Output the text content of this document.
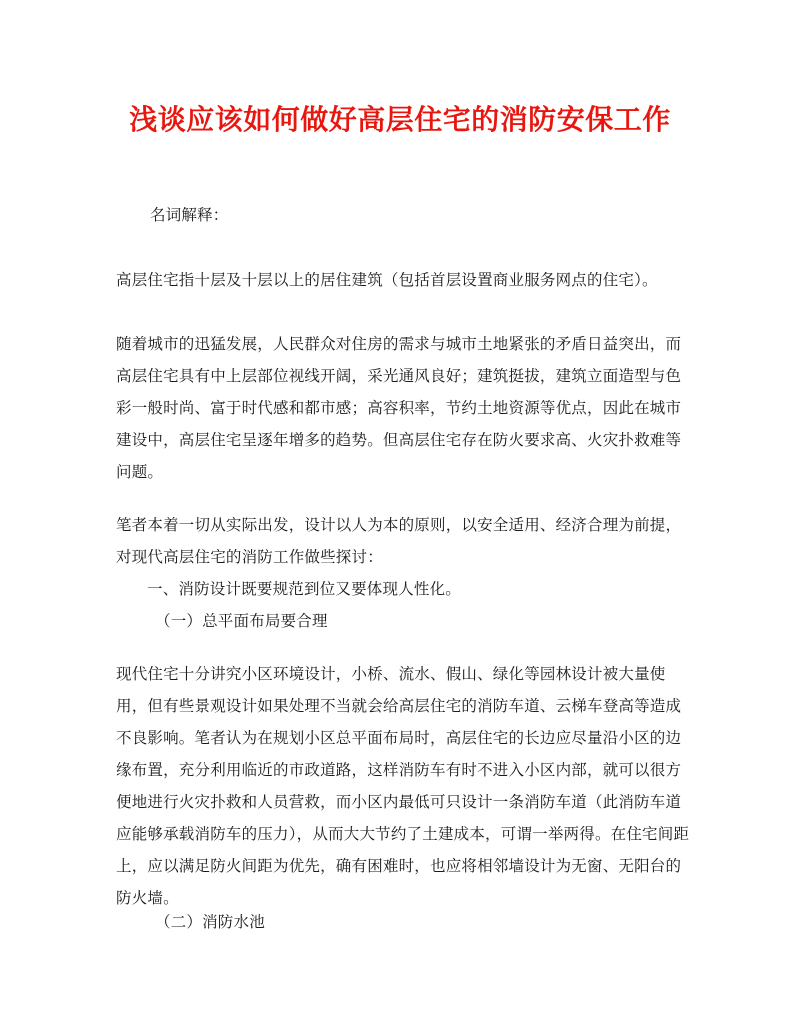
浅谈应该如何做好高层住宅的消防安保工作
名词解释：
高层住宅指十层及十层以上的居住建筑（包括首层设置商业服务网点的住宅）。
随着城市的迅猛发展，人民群众对住房的需求与城市土地紧张的矛盾日益突出，而高层住宅具有中上层部位视线开阔，采光通风良好；建筑挺拔，建筑立面造型与色彩一般时尚、富于时代感和都市感；高容积率，节约土地资源等优点，因此在城市建设中，高层住宅呈逐年增多的趋势。但高层住宅存在防火要求高、火灾扑救难等问题。
笔者本着一切从实际出发，设计以人为本的原则，以安全适用、经济合理为前提，对现代高层住宅的消防工作做些探讨：
一、消防设计既要规范到位又要体现人性化。
（一）总平面布局要合理
现代住宅十分讲究小区环境设计，小桥、流水、假山、绿化等园林设计被大量使用，但有些景观设计如果处理不当就会给高层住宅的消防车道、云梯车登高等造成不良影响。笔者认为在规划小区总平面布局时，高层住宅的长边应尽量沿小区的边缘布置，充分利用临近的市政道路，这样消防车有时不进入小区内部，就可以很方便地进行火灾扑救和人员营救，而小区内最低可只设计一条消防车道（此消防车道应能够承载消防车的压力），从而大大节约了土建成本，可谓一举两得。在住宅间距上，应以满足防火间距为优先，确有困难时，也应将相邻墙设计为无窗、无阳台的防火墙。
（二）消防水池
